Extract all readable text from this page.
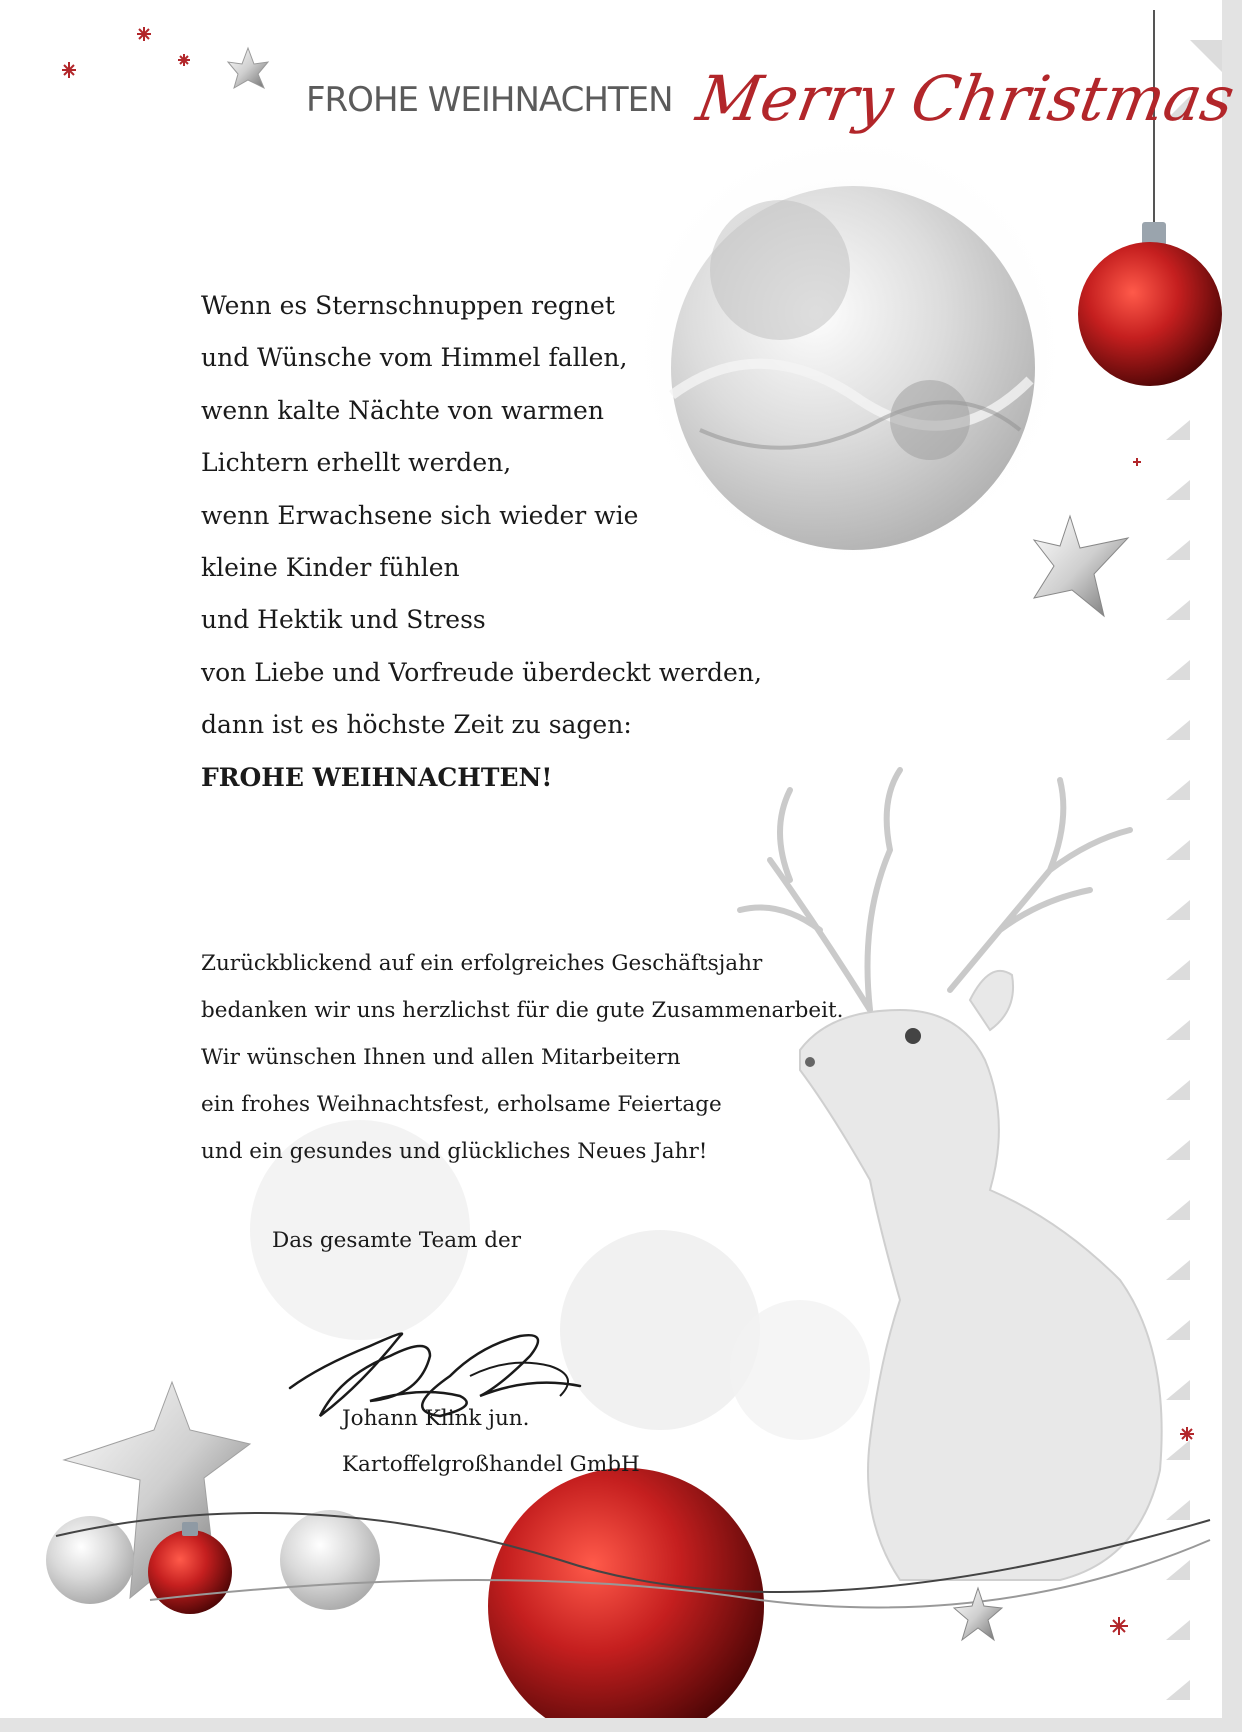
FROHE WEIHNACHTEN Merry Christmas
Wenn es Sternschnuppen regnet
und Wünsche vom Himmel fallen,
wenn kalte Nächte von warmen
Lichtern erhellt werden,
wenn Erwachsene sich wieder wie
kleine Kinder fühlen
und Hektik und Stress
von Liebe und Vorfreude überdeckt werden,
dann ist es höchste Zeit zu sagen:
FROHE WEIHNACHTEN!
Zurückblickend auf ein erfolgreiches Geschäftsjahr
bedanken wir uns herzlichst für die gute Zusammenarbeit.
Wir wünschen Ihnen und allen Mitarbeitern
ein frohes Weihnachtsfest, erholsame Feiertage
und ein gesundes und glückliches Neues Jahr!
Das gesamte Team der
Johann Klink jun.
Kartoffelgroßhandel GmbH
